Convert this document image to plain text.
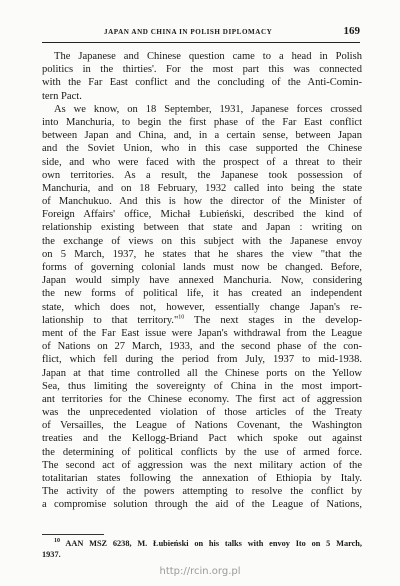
JAPAN AND CHINA IN POLISH DIPLOMACY	169

The Japanese and Chinese question came to a head in Polish
politics in the thirties'. For the most part this was connected
with the Far East conflict and the concluding of the Anti-Comin-
tern Pact.

As we know, on 18 September, 1931, Japanese forces crossed
into Manchuria, to begin the first phase of the Far East conflict
between Japan and China, and, in a certain sense, between Japan
and the Soviet Union, who in this case supported the Chinese
side, and who were faced with the prospect of a threat to their
own territories. As a result, the Japanese took possession of
Manchuria, and on 18 February, 1932 called into being the state
of Manchukuo. And this is how the director of the Minister of
Foreign Affairs' office, Michał Łubieński, described the kind of
relationship existing between that state and Japan : writing on
the exchange of views on this subject with the Japanese envoy
on 5 March, 1937, he states that he shares the view "that the
forms of governing colonial lands must now be changed. Before,
Japan would simply have annexed Manchuria. Now, considering
the new forms of political life, it has created an independent
state, which does not, however, essentially change Japan's re-
lationship to that territory."$^{10}$ The next stages in the develop-
ment of the Far East issue were Japan's withdrawal from the League
of Nations on 27 March, 1933, and the second phase of the con-
flict, which fell during the period from July, 1937 to mid-1938.
Japan at that time controlled all the Chinese ports on the Yellow
Sea, thus limiting the sovereignty of China in the most import-
ant territories for the Chinese economy. The first act of aggression
was the unprecedented violation of those articles of the Treaty
of Versailles, the League of Nations Covenant, the Washington
treaties and the Kellogg-Briand Pact which spoke out against
the determining of political conflicts by the use of armed force.
The second act of aggression was the next military action of the
totalitarian states following the annexation of Ethiopia by Italy.
The activity of the powers attempting to resolve the conflict by
a compromise solution through the aid of the League of Nations,

$^{10}$ AAN MSZ 6238, M. Łubieński on his talks with envoy Ito on 5 March,
1937.
http://rcin.org.pl
